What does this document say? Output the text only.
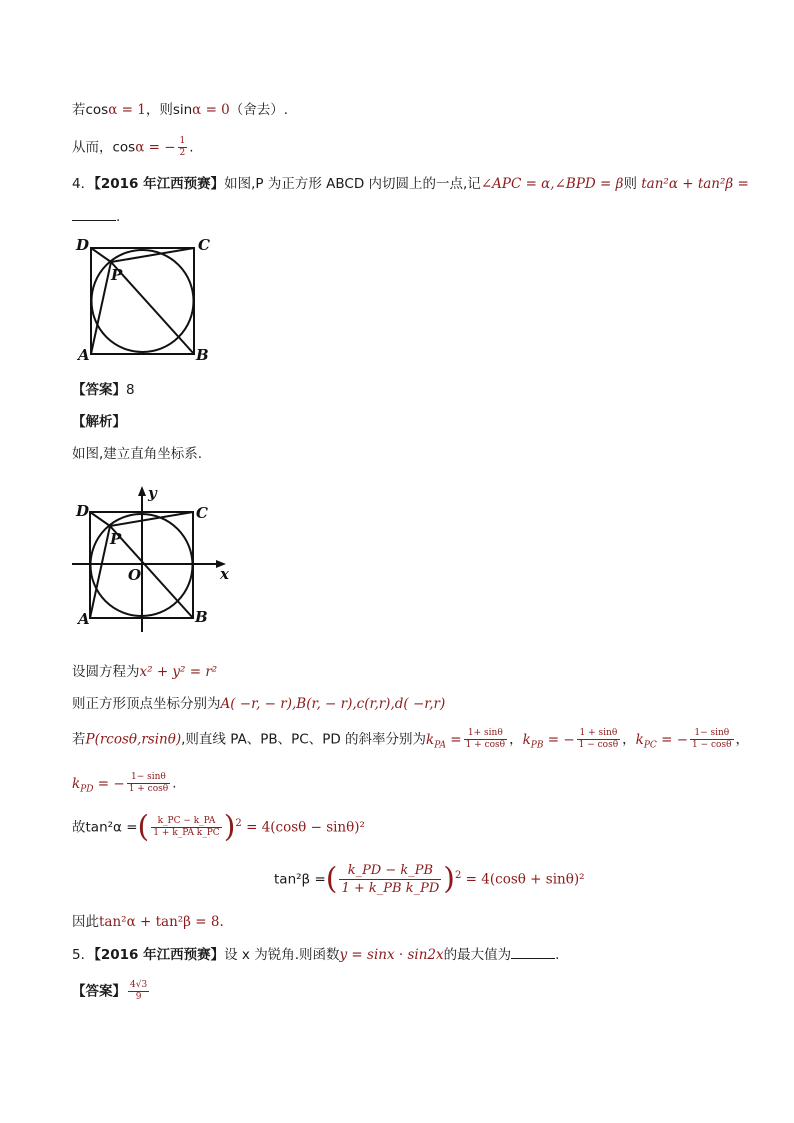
若cosα = 1，则sinα = 0（舍去）.
从而，cosα = − $\frac{1}{2}$ .
4．【2016 年江西预赛】如图,P 为正方形 ABCD 内切圆上的一点,记∠APC = α,∠BPD = β则 tan²α + tan²β =
.
D	C
A	B
P
【答案】8
【解析】
如图,建立直角坐标系.
D	C
A	B
P
O	x
y
设圆方程为x² + y² = r²
则正方形顶点坐标分别为A( −r, − r),B(r, − r),c(r,r),d( −r,r)
若P(rcosθ,rsinθ),则直线 PA、PB、PC、PD 的斜率分别为$k_{PA} = \frac{1+ \sin\theta}{1 + \cos\theta}$ ，$k_{PB}$ = − $\frac{1 + \sin\theta}{1 - \cos\theta}$ ，$k_{PC}$ = − $\frac{1- \sin\theta}{1 - \cos\theta}$ ，
$k_{PD}$ = − $\frac{1- \sin\theta}{1 + \cos\theta}$ .
故tan²α =( $\frac{k\_PC - k\_PA}{\text{1 + k\_PA k\_PC}} )^2 = 4(\cos\theta - \sin\theta)^2$
tan²β =( $\frac{k\_PD - k\_PB}{\text{1 + k\_PB k\_PD}} )^2 = 4(\cos\theta + \sin\theta)^2$
因此tan²α + tan²β = 8.
5．【2016 年江西预赛】设 x 为锐角.则函数y = sinx · sin2x的最大值为	.
【答案】 $\frac{4√3}{9}$
